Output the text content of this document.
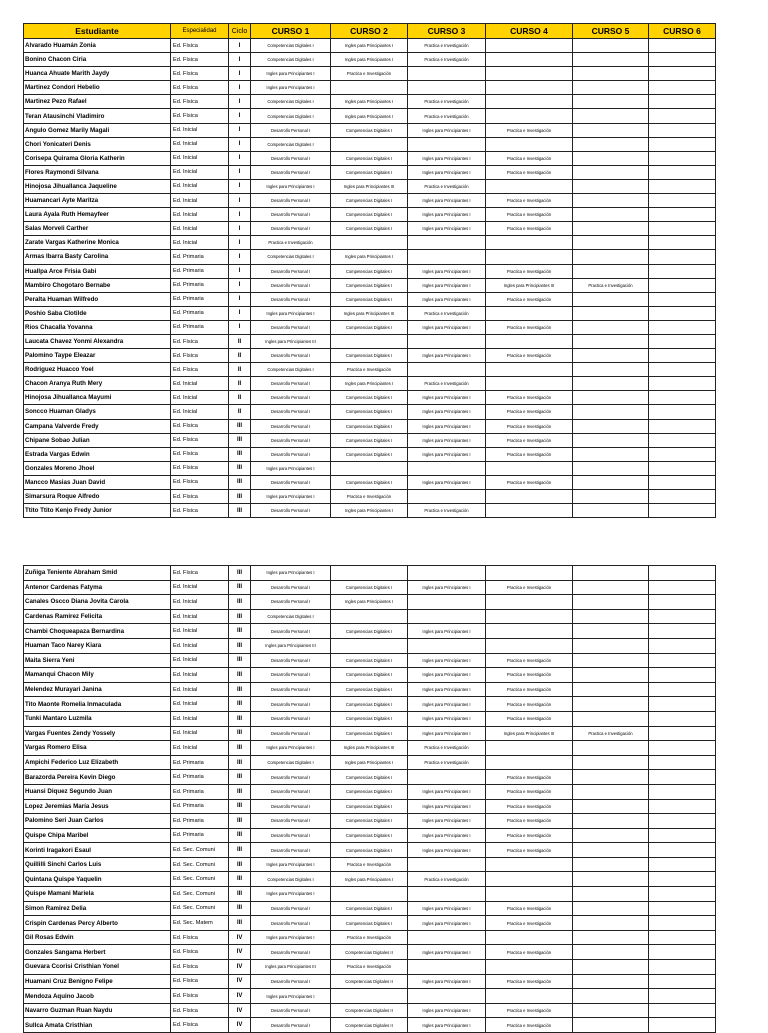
Estudiante	Especialidad	Ciclo	CURSO 1	CURSO 2	CURSO 3	CURSO 4	CURSO 5	CURSO 6
Alvarado Huamán Zonia	Ed. Física	I	Competencias Digitales I	Ingles para Principiantes I	Practica e Investigación			
Bonino Chacon Ciria	Ed. Física	I	Competencias Digitales I	Ingles para Principiantes I	Practica e Investigación			
Huanca Ahuate Marith Jaydy	Ed. Física	I	Ingles para Principiantes I	Practica e Investigación				
Martinez Condori Hebelio	Ed. Física	I	Ingles para Principiantes I					
Martinez Pezo Rafael	Ed. Física	I	Competencias Digitales I	Ingles para Principiantes I	Practica e Investigación			
Teran Atausinchi Vladimiro	Ed. Física	I	Competencias Digitales I	Ingles para Principiantes I	Practica e Investigación			
Angulo Gomez Marily Magali	Ed. Inicial	I	Desarrollo Personal I	Competencias Digitales I	Ingles para Principiantes I	Practica e Investigación		
Chori Yonicateri Denis	Ed. Inicial	I	Competencias Digitales I					
Corisepa Quirama Gloria Katherin	Ed. Inicial	I	Desarrollo Personal I	Competencias Digitales I	Ingles para Principiantes I	Practica e Investigación		
Flores Raymondi Silvana	Ed. Inicial	I	Desarrollo Personal I	Competencias Digitales I	Ingles para Principiantes I	Practica e Investigación		
Hinojosa Jihuallanca Jaqueline	Ed. Inicial	I	Ingles para Principiantes I	Ingles para Principiantes III	Practica e Investigación			
Huamancari Ayte Maritza	Ed. Inicial	I	Desarrollo Personal I	Competencias Digitales I	Ingles para Principiantes I	Practica e Investigación		
Laura Ayala Ruth Hemayfeer	Ed. Inicial	I	Desarrollo Personal I	Competencias Digitales I	Ingles para Principiantes I	Practica e Investigación		
Salas Morveli Carther	Ed. Inicial	I	Desarrollo Personal I	Competencias Digitales I	Ingles para Principiantes I	Practica e Investigación		
Zarate Vargas Katherine Monica	Ed. Inicial	I	Practica e Investigación					
Armas Ibarra Basty Carolina	Ed. Primaria	I	Competencias Digitales I	Ingles para Principiantes I				
Huallpa Arce Frisia Gabi	Ed. Primaria	I	Desarrollo Personal I	Competencias Digitales I	Ingles para Principiantes I	Practica e Investigación		
Mambiro Chogotaro Bernabe	Ed. Primaria	I	Desarrollo Personal I	Competencias Digitales I	Ingles para Principiantes I	Ingles para Principiantes III	Practica e Investigación	
Peralta Huaman Wilfredo	Ed. Primaria	I	Desarrollo Personal I	Competencias Digitales I	Ingles para Principiantes I	Practica e Investigación		
Poshio Saba Clotilde	Ed. Primaria	I	Ingles para Principiantes I	Ingles para Principiantes III	Practica e Investigación			
Rios Chacalla Yovanna	Ed. Primaria	I	Desarrollo Personal I	Competencias Digitales I	Ingles para Principiantes I	Practica e Investigación		
Laucata Chavez Yonmi Alexandra	Ed. Física	II	Ingles para Principiantes III					
Palomino Taype Eleazar	Ed. Física	II	Desarrollo Personal I	Competencias Digitales I	Ingles para Principiantes I	Practica e Investigación		
Rodriguez Huacco Yoel	Ed. Física	II	Competencias Digitales I	Practica e Investigación				
Chacon Aranya Ruth Mery	Ed. Inicial	II	Desarrollo Personal I	Ingles para Principiantes I	Practica e Investigación			
Hinojosa Jihuallanca Mayumi	Ed. Inicial	II	Desarrollo Personal I	Competencias Digitales I	Ingles para Principiantes I	Practica e Investigación		
Soncco Huaman Gladys	Ed. Inicial	II	Desarrollo Personal I	Competencias Digitales I	Ingles para Principiantes I	Practica e Investigación		
Campana Valverde Fredy	Ed. Física	III	Desarrollo Personal I	Competencias Digitales I	Ingles para Principiantes I	Practica e Investigación		
Chipane Sobao Julian	Ed. Física	III	Desarrollo Personal I	Competencias Digitales I	Ingles para Principiantes I	Practica e Investigación		
Estrada Vargas Edwin	Ed. Física	III	Desarrollo Personal I	Competencias Digitales I	Ingles para Principiantes I	Practica e Investigación		
Gonzales Moreno Jhoel	Ed. Física	III	Ingles para Principiantes I					
Mancco Masias Juan David	Ed. Física	III	Desarrollo Personal I	Competencias Digitales I	Ingles para Principiantes I	Practica e Investigación		
Simarsura Roque Alfredo	Ed. Física	III	Ingles para Principiantes I	Practica e Investigación				
Ttito Ttito Kenjo Fredy Junior	Ed. Física	III	Desarrollo Personal I	Ingles para Principiantes I	Practica e Investigación			
Zuñiga Teniente Abraham Smid	Ed. Física	III	Ingles para Principiantes I					
Antenor Cardenas Fatyma	Ed. Inicial	III	Desarrollo Personal I	Competencias Digitales I	Ingles para Principiantes I	Practica e Investigación		
Canales Oscco Diana Jovita Carola	Ed. Inicial	III	Desarrollo Personal I	Ingles para Principiantes I				
Cardenas Ramirez Felicita	Ed. Inicial	III	Competencias Digitales I					
Chambi Choqueapaza Bernardina	Ed. Inicial	III	Desarrollo Personal I	Competencias Digitales I	Ingles para Principiantes I			
Huaman Taco Narey Kiara	Ed. Inicial	III	Ingles para Principiantes III					
Maita Sierra Yeni	Ed. Inicial	III	Desarrollo Personal I	Competencias Digitales I	Ingles para Principiantes I	Practica e Investigación		
Mamanqui Chacon Mily	Ed. Inicial	III	Desarrollo Personal I	Competencias Digitales I	Ingles para Principiantes I	Practica e Investigación		
Melendez Murayari Janina	Ed. Inicial	III	Desarrollo Personal I	Competencias Digitales I	Ingles para Principiantes I	Practica e Investigación		
Tito Maonte Romelia Inmaculada	Ed. Inicial	III	Desarrollo Personal I	Competencias Digitales I	Ingles para Principiantes I	Practica e Investigación		
Tunki Mantaro Luzmila	Ed. Inicial	III	Desarrollo Personal I	Competencias Digitales I	Ingles para Principiantes I	Practica e Investigación		
Vargas Fuentes Zendy Yossely	Ed. Inicial	III	Desarrollo Personal I	Competencias Digitales I	Ingles para Principiantes I	Ingles para Principiantes III	Practica e Investigación	
Vargas Romero Elisa	Ed. Inicial	III	Ingles para Principiantes I	Ingles para Principiantes III	Practica e Investigación			
Ampichi Federico Luz Elizabeth	Ed. Primaria	III	Competencias Digitales I	Ingles para Principiantes I	Practica e Investigación			
Barazorda Pereira Kevin Diego	Ed. Primaria	III	Desarrollo Personal I	Competencias Digitales I		Practica e Investigación		
Huansi Diquez Segundo Juan	Ed. Primaria	III	Desarrollo Personal I	Competencias Digitales I	Ingles para Principiantes I	Practica e Investigación		
Lopez Jeremias María Jesus	Ed. Primaria	III	Desarrollo Personal I	Competencias Digitales I	Ingles para Principiantes I	Practica e Investigación		
Palomino Seri Juan Carlos	Ed. Primaria	III	Desarrollo Personal I	Competencias Digitales I	Ingles para Principiantes I	Practica e Investigación		
Quispe Chipa Maribel	Ed. Primaria	III	Desarrollo Personal I	Competencias Digitales I	Ingles para Principiantes I	Practica e Investigación		
Korinti Iragakori Esaul	Ed. Sec. Comuni	III	Desarrollo Personal I	Competencias Digitales I	Ingles para Principiantes I	Practica e Investigación		
Quillilli Sinchi Carlos Luis	Ed. Sec. Comuni	III	Ingles para Principiantes I	Practica e Investigación				
Quintana Quispe Yaquelin	Ed. Sec. Comuni	III	Competencias Digitales I	Ingles para Principiantes I	Practica e Investigación			
Quispe Mamani Mariela	Ed. Sec. Comuni	III	Ingles para Principiantes I					
Simon Ramirez Delia	Ed. Sec. Comuni	III	Desarrollo Personal I	Competencias Digitales I	Ingles para Principiantes I	Practica e Investigación		
Crispin Cardenas Percy Alberto	Ed. Sec. Matem	III	Desarrollo Personal I	Competencias Digitales I	Ingles para Principiantes I	Practica e Investigación		
Gil Rosas Edwin	Ed. Física	IV	Ingles para Principiantes I	Practica e Investigación				
Gonzales Sangama Herbert	Ed. Física	IV	Desarrollo Personal I	Competencias Digitales II	Ingles para Principiantes I	Practica e Investigación		
Guevara Ccorisi Cristhian Yonel	Ed. Física	IV	Ingles para Principiantes III	Practica e Investigación				
Huamani Cruz Benigno Felipe	Ed. Física	IV	Desarrollo Personal I	Competencias Digitales II	Ingles para Principiantes I	Practica e Investigación		
Mendoza Aquino Jacob	Ed. Física	IV	Ingles para Principiantes I					
Navarro Guzman Ruan Naydu	Ed. Física	IV	Desarrollo Personal I	Competencias Digitales II	Ingles para Principiantes I	Practica e Investigación		
Sullca Amata Cristhian	Ed. Física	IV	Desarrollo Personal I	Competencias Digitales II	Ingles para Principiantes I	Practica e Investigación		
